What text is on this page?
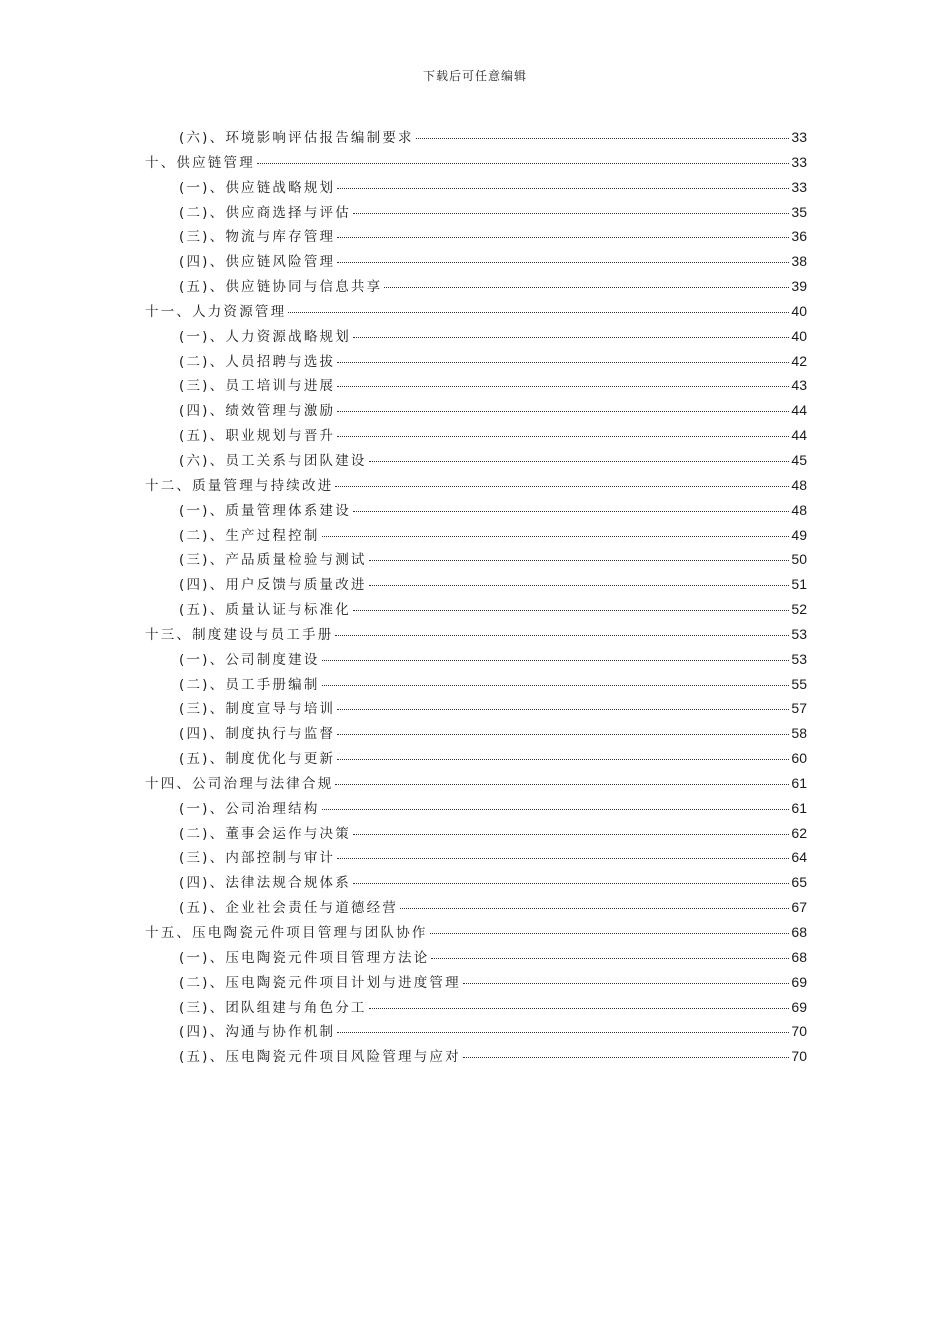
下载后可任意编辑
(六)、环境影响评估报告编制要求	33
十、供应链管理	33
(一)、供应链战略规划	33
(二)、供应商选择与评估	35
(三)、物流与库存管理	36
(四)、供应链风险管理	38
(五)、供应链协同与信息共享	39
十一、人力资源管理	40
(一)、人力资源战略规划	40
(二)、人员招聘与选拔	42
(三)、员工培训与进展	43
(四)、绩效管理与激励	44
(五)、职业规划与晋升	44
(六)、员工关系与团队建设	45
十二、质量管理与持续改进	48
(一)、质量管理体系建设	48
(二)、生产过程控制	49
(三)、产品质量检验与测试	50
(四)、用户反馈与质量改进	51
(五)、质量认证与标准化	52
十三、制度建设与员工手册	53
(一)、公司制度建设	53
(二)、员工手册编制	55
(三)、制度宣导与培训	57
(四)、制度执行与监督	58
(五)、制度优化与更新	60
十四、公司治理与法律合规	61
(一)、公司治理结构	61
(二)、董事会运作与决策	62
(三)、内部控制与审计	64
(四)、法律法规合规体系	65
(五)、企业社会责任与道德经营	67
十五、压电陶瓷元件项目管理与团队协作	68
(一)、压电陶瓷元件项目管理方法论	68
(二)、压电陶瓷元件项目计划与进度管理	69
(三)、团队组建与角色分工	69
(四)、沟通与协作机制	70
(五)、压电陶瓷元件项目风险管理与应对	70
